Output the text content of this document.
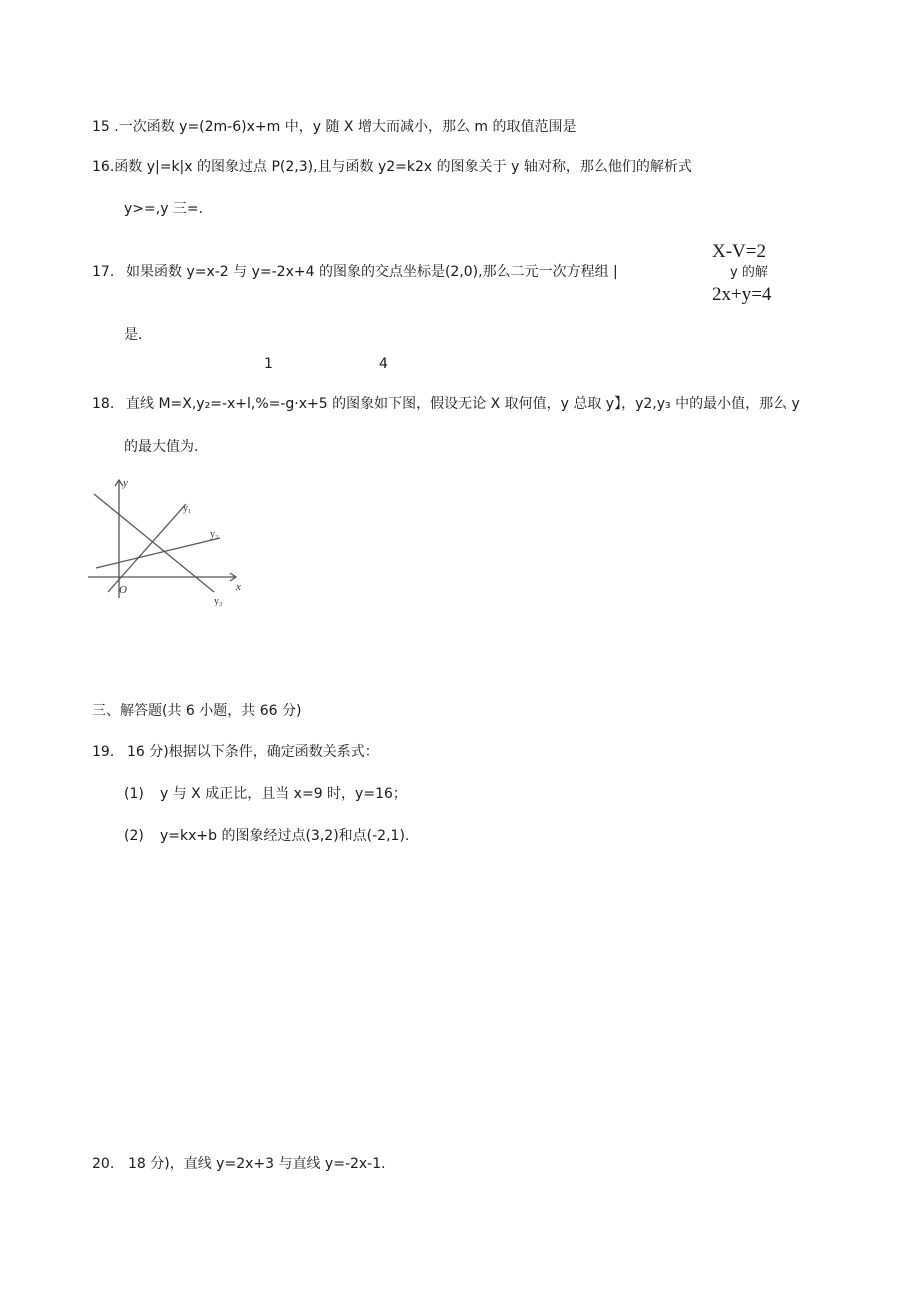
15 .一次函数 y=(2m-6)x+m 中，y 随 X 增大而减小，那么 m 的取值范围是
16.函数 y|=k|x 的图象过点 P(2,3),且与函数 y2=k2x 的图象关于 y 轴对称，那么他们的解析式
y>=,y 三=.
17. 如果函数 y=x-2 与 y=-2x+4 的图象的交点坐标是(2,0),那么二元一次方程组 |
X-V=2
y 的解
2x+y=4
是.
1	4
18. 直线 M=X,y₂=-x+l,%=-g·x+5 的图象如下图，假设无论 X 取何值，y 总取 y】，y2,y₃ 中的最小值，那么 y
的最大值为.
y
x
O
y₁
y₂
y₃
三、解答题(共 6 小题，共 66 分)
19. 16 分)根据以下条件，确定函数关系式：
(1) y 与 X 成正比，且当 x=9 时，y=16；
(2) y=kx+b 的图象经过点(3,2)和点(-2,1).
20. 18 分)，直线 y=2x+3 与直线 y=-2x-1.
